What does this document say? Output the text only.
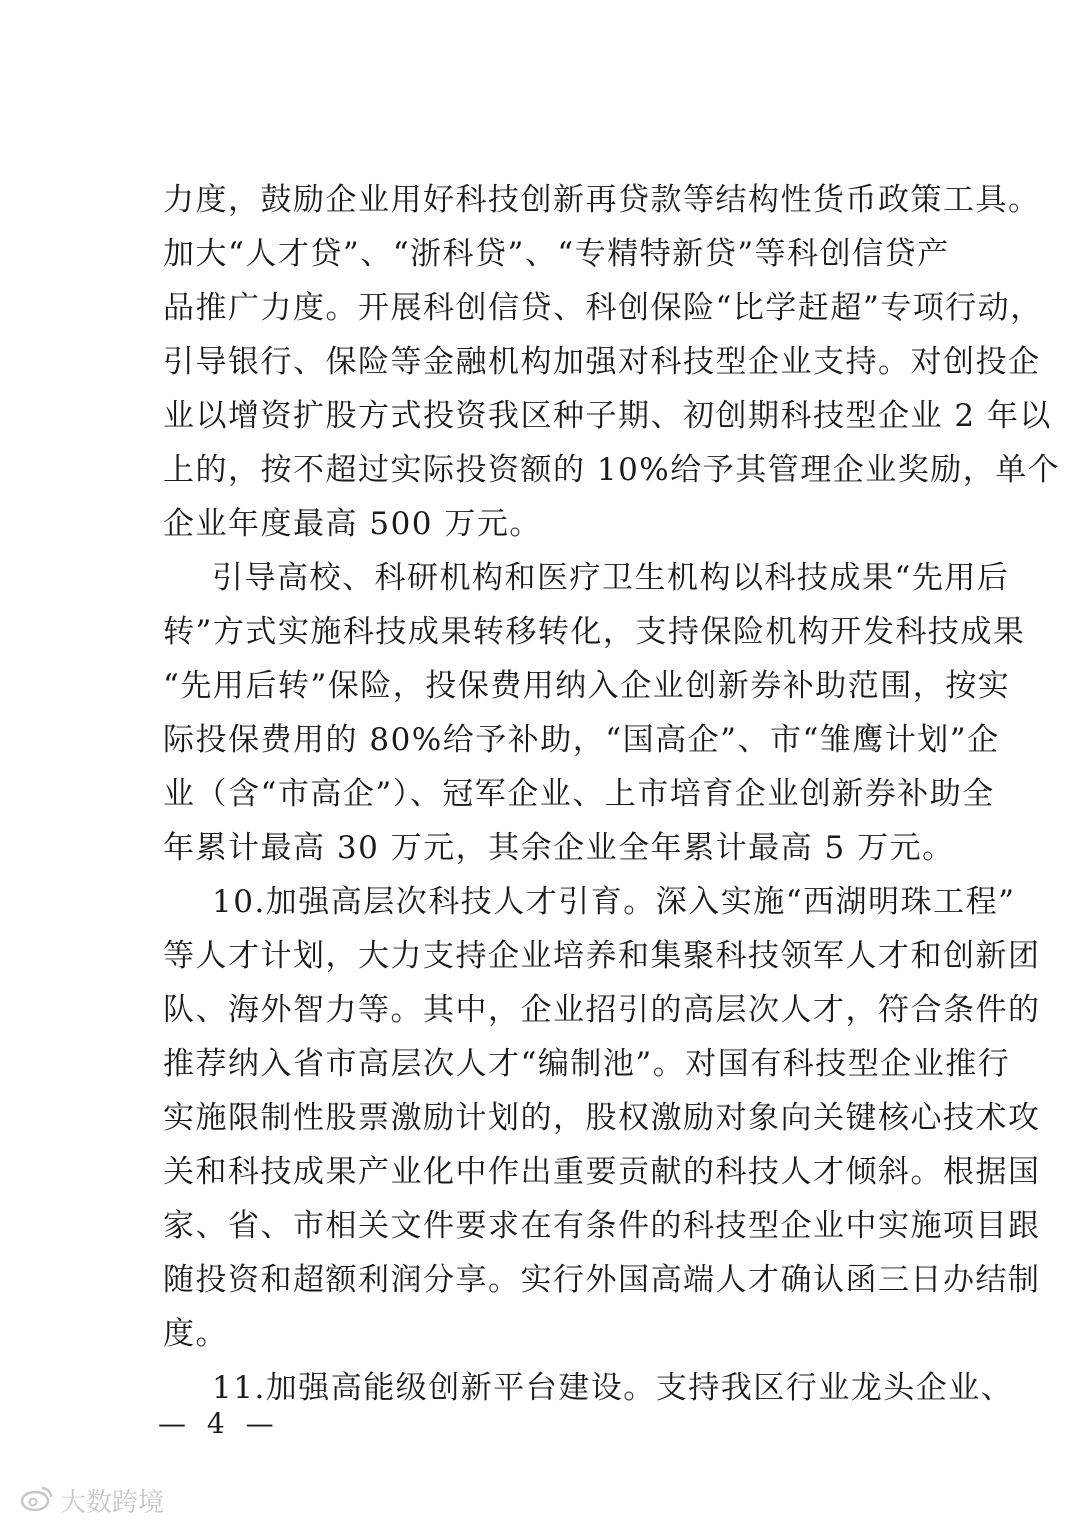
力度，鼓励企业用好科技创新再贷款等结构性货币政策工具。
加大“人才贷”、“浙科贷”、“专精特新贷”等科创信贷产
品推广力度。开展科创信贷、科创保险“比学赶超”专项行动，
引导银行、保险等金融机构加强对科技型企业支持。对创投企
业以增资扩股方式投资我区种子期、初创期科技型企业 2 年以
上的，按不超过实际投资额的 10%给予其管理企业奖励，单个
企业年度最高 500 万元。
引导高校、科研机构和医疗卫生机构以科技成果“先用后
转”方式实施科技成果转移转化，支持保险机构开发科技成果
“先用后转”保险，投保费用纳入企业创新券补助范围，按实
际投保费用的 80%给予补助，“国高企”、市“雏鹰计划”企
业（含“市高企”）、冠军企业、上市培育企业创新券补助全
年累计最高 30 万元，其余企业全年累计最高 5 万元。
10.加强高层次科技人才引育。深入实施“西湖明珠工程”
等人才计划，大力支持企业培养和集聚科技领军人才和创新团
队、海外智力等。其中，企业招引的高层次人才，符合条件的
推荐纳入省市高层次人才“编制池”。对国有科技型企业推行
实施限制性股票激励计划的，股权激励对象向关键核心技术攻
关和科技成果产业化中作出重要贡献的科技人才倾斜。根据国
家、省、市相关文件要求在有条件的科技型企业中实施项目跟
随投资和超额利润分享。实行外国高端人才确认函三日办结制
度。
11.加强高能级创新平台建设。支持我区行业龙头企业、
— 4 —
大数跨境
